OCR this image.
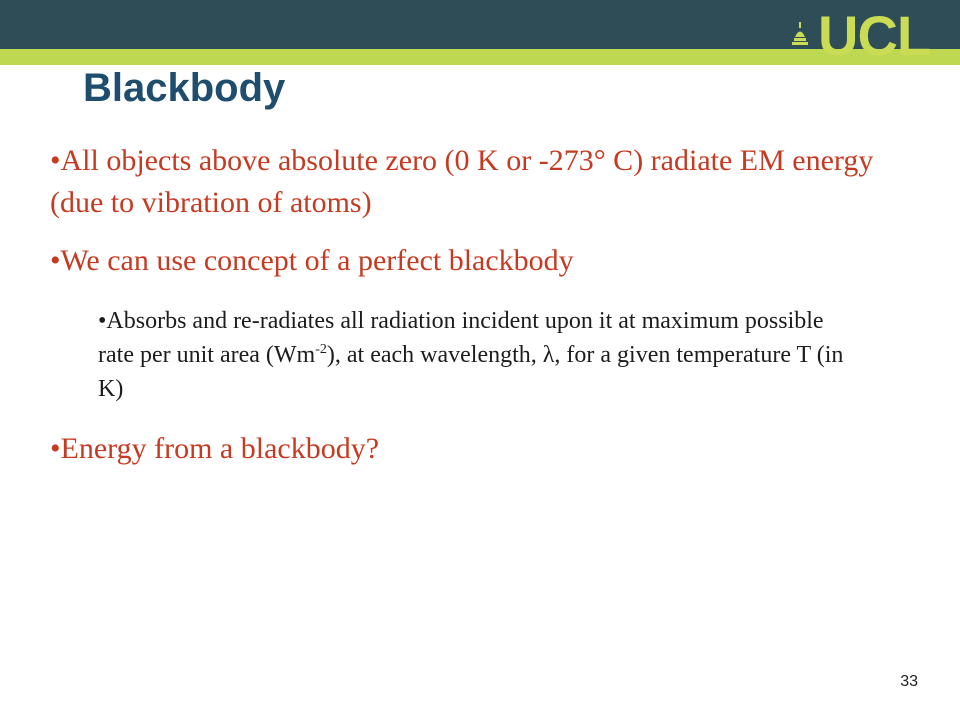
UCL
Blackbody
•All objects above absolute zero (0 K or -273° C) radiate EM energy (due to vibration of atoms)
•We can use concept of a perfect blackbody
•Absorbs and re-radiates all radiation incident upon it at maximum possible rate per unit area $(Wm^{-2})$, at each wavelength, λ, for a given temperature T (in K)
•Energy from a blackbody?
33
